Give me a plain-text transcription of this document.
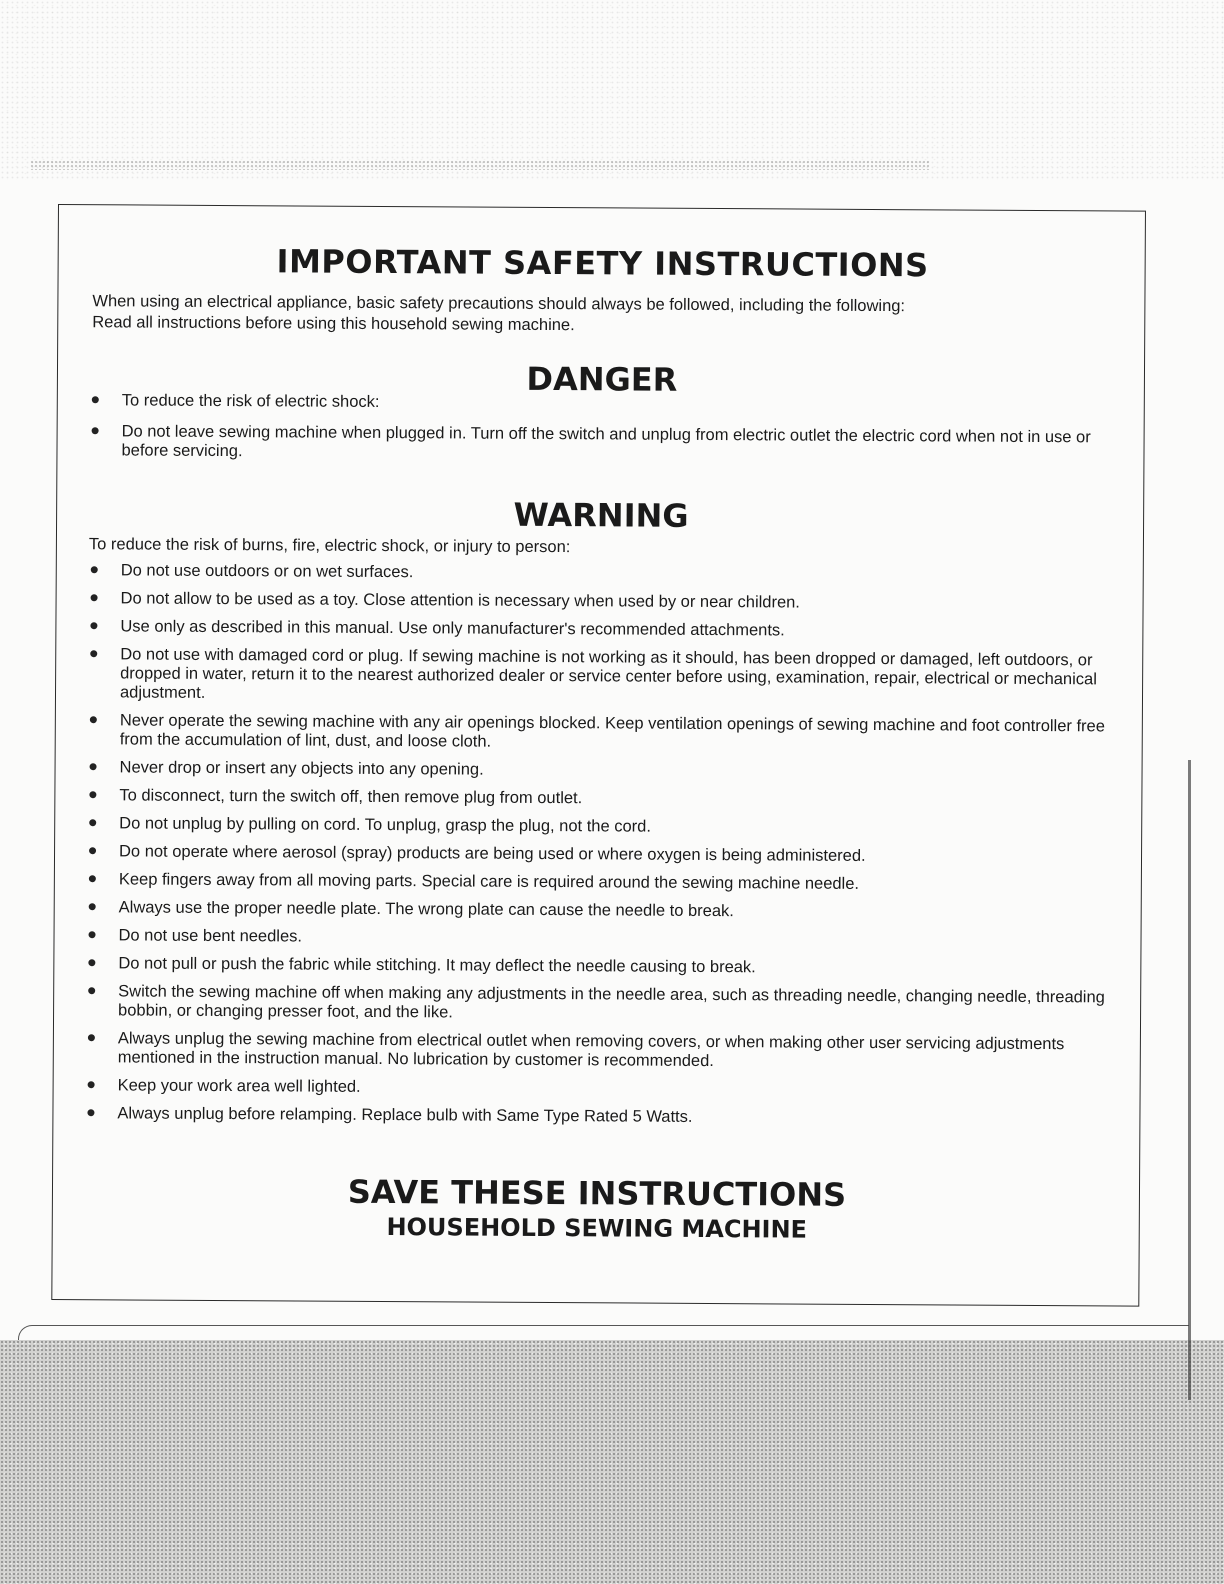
IMPORTANT SAFETY INSTRUCTIONS

When using an electrical appliance, basic safety precautions should always be followed, including the following:
Read all instructions before using this household sewing machine.

DANGER
To reduce the risk of electric shock:
Do not leave sewing machine when plugged in. Turn off the switch and unplug from electric outlet the electric cord when not in use or before servicing.
WARNING

To reduce the risk of burns, fire, electric shock, or injury to person:

Do not use outdoors or on wet surfaces.
Do not allow to be used as a toy. Close attention is necessary when used by or near children.
Use only as described in this manual. Use only manufacturer's recommended attachments.
Do not use with damaged cord or plug. If sewing machine is not working as it should, has been dropped or damaged, left outdoors, or dropped in water, return it to the nearest authorized dealer or service center before using, examination, repair, electrical or mechanical adjustment.
Never operate the sewing machine with any air openings blocked. Keep ventilation openings of sewing machine and foot controller free from the accumulation of lint, dust, and loose cloth.
Never drop or insert any objects into any opening.
To disconnect, turn the switch off, then remove plug from outlet.
Do not unplug by pulling on cord. To unplug, grasp the plug, not the cord.
Do not operate where aerosol (spray) products are being used or where oxygen is being administered.
Keep fingers away from all moving parts. Special care is required around the sewing machine needle.
Always use the proper needle plate. The wrong plate can cause the needle to break.
Do not use bent needles.
Do not pull or push the fabric while stitching. It may deflect the needle causing to break.
Switch the sewing machine off when making any adjustments in the needle area, such as threading needle, changing needle, threading bobbin, or changing presser foot, and the like.
Always unplug the sewing machine from electrical outlet when removing covers, or when making other user servicing adjustments mentioned in the instruction manual. No lubrication by customer is recommended.
Keep your work area well lighted.
Always unplug before relamping. Replace bulb with Same Type Rated 5 Watts.
SAVE THESE INSTRUCTIONS
HOUSEHOLD SEWING MACHINE
